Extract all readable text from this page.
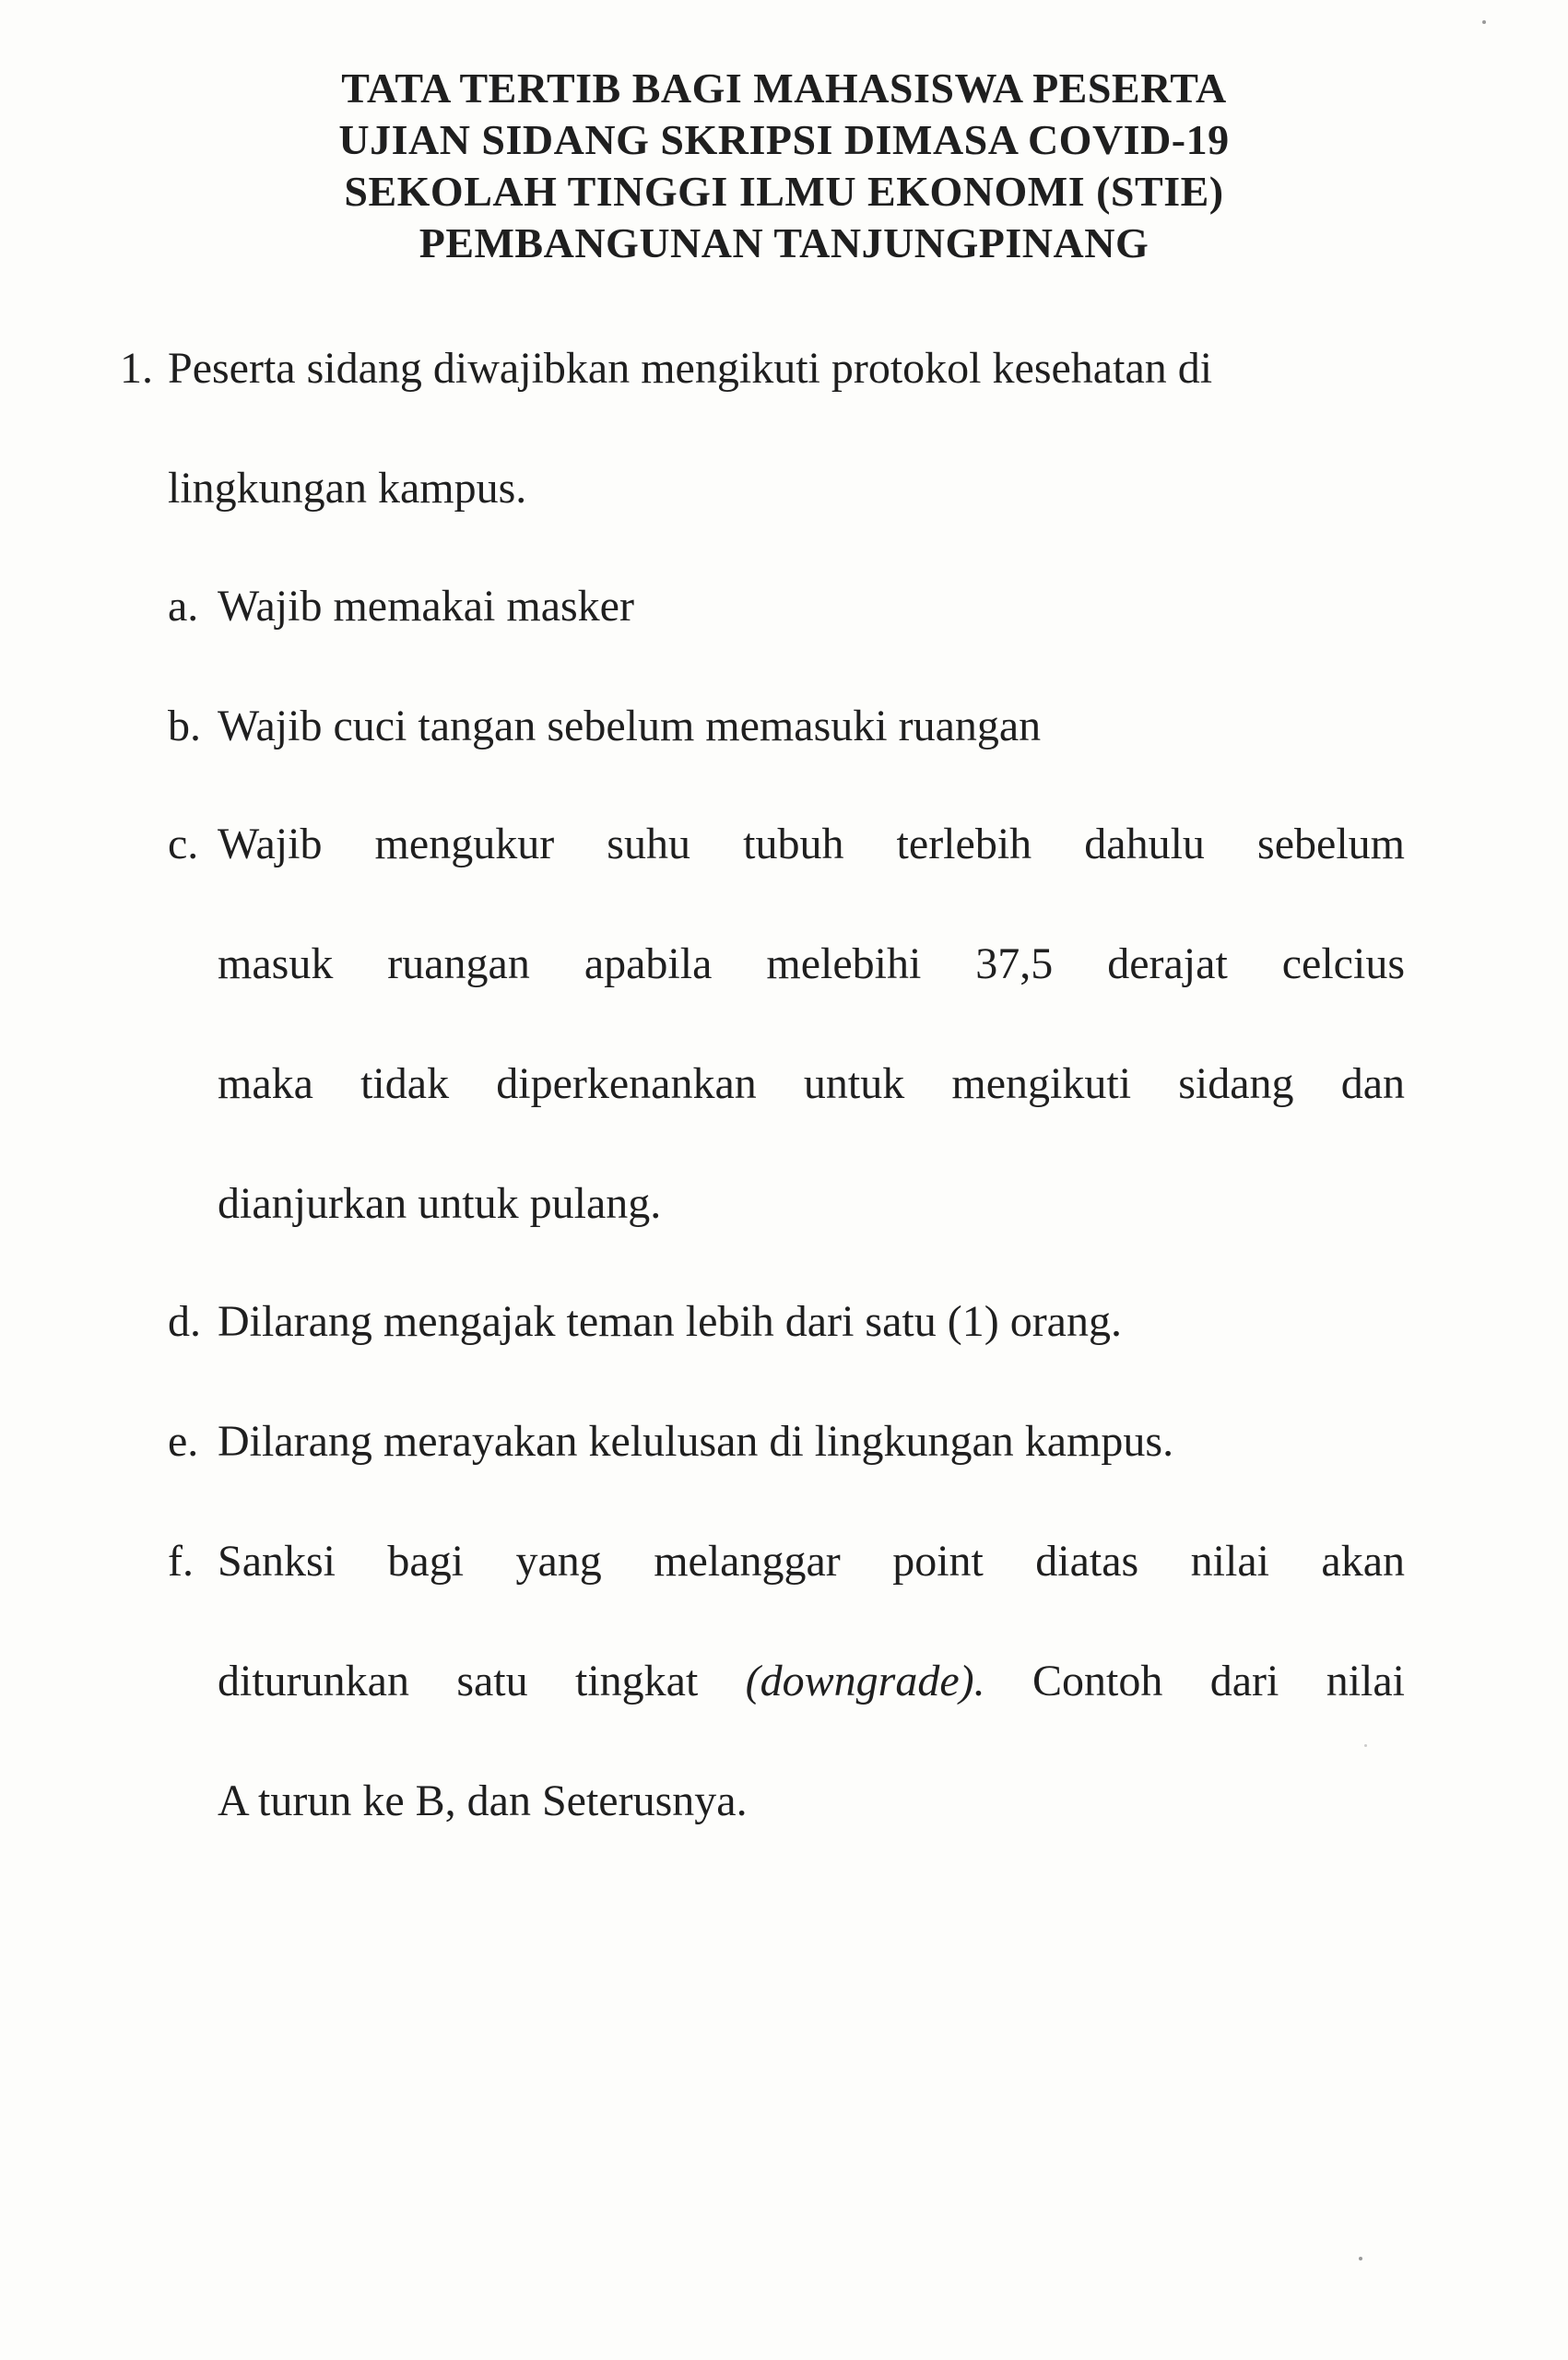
TATA TERTIB BAGI MAHASISWA PESERTA
UJIAN SIDANG SKRIPSI DIMASA COVID-19
SEKOLAH TINGGI ILMU EKONOMI (STIE)
PEMBANGUNAN TANJUNGPINANG
1. Peserta sidang diwajibkan mengikuti protokol kesehatan di
lingkungan kampus.
a. Wajib memakai masker
b. Wajib cuci tangan sebelum memasuki ruangan
c. Wajib mengukur suhu tubuh terlebih dahulu sebelum
masuk ruangan apabila melebihi 37,5 derajat celcius
maka tidak diperkenankan untuk mengikuti sidang dan
dianjurkan untuk pulang.
d. Dilarang mengajak teman lebih dari satu (1) orang.
e. Dilarang merayakan kelulusan di lingkungan kampus.
f. Sanksi bagi yang melanggar point diatas nilai akan
diturunkan satu tingkat (downgrade). Contoh dari nilai
A turun ke B, dan Seterusnya.
